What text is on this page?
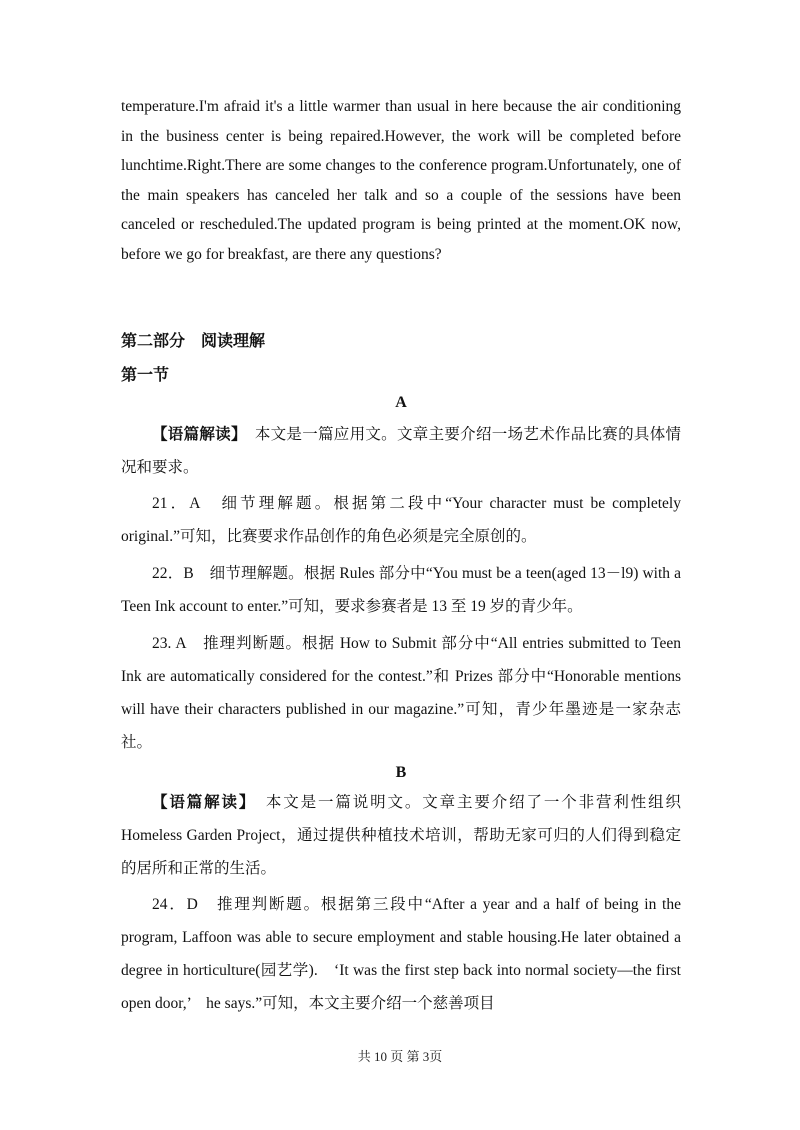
temperature.I'm afraid it's a little warmer than usual in here because the air conditioning in the business center is being repaired.However, the work will be completed before lunchtime.Right.There are some changes to the conference program.Unfortunately, one of the main speakers has canceled her talk and so a couple of the sessions have been canceled or rescheduled.The updated program is being printed at the moment.OK now, before we go for breakfast, are there any questions?

第二部分　阅读理解

第一节

A

【语篇解读】　本文是一篇应用文。文章主要介绍一场艺术作品比赛的具体情况和要求。

21．A　细节理解题。根据第二段中“Your character must be completely original.”可知，比赛要求作品创作的角色必须是完全原创的。

22．B　细节理解题。根据 Rules 部分中“You must be a teen(aged 13－l9) with a Teen Ink account to enter.”可知，要求参赛者是 13 至 19 岁的青少年。

23. A　推理判断题。根据 How to Submit 部分中“All entries submitted to Teen Ink are automatically considered for the contest.”和 Prizes 部分中“Honorable mentions will have their characters published in our magazine.”可知，青少年墨迹是一家杂志社。

B

【语篇解读】　本文是一篇说明文。文章主要介绍了一个非营利性组织 Homeless Garden Project，通过提供种植技术培训，帮助无家可归的人们得到稳定的居所和正常的生活。

24．D　推理判断题。根据第三段中“After a year and a half of being in the program, Laffoon was able to secure employment and stable housing.He later obtained a degree in horticulture(园艺学).　‘It was the first step back into normal society—the first open door,’　he says.”可知，本文主要介绍一个慈善项目

共 10 页 第 3页
